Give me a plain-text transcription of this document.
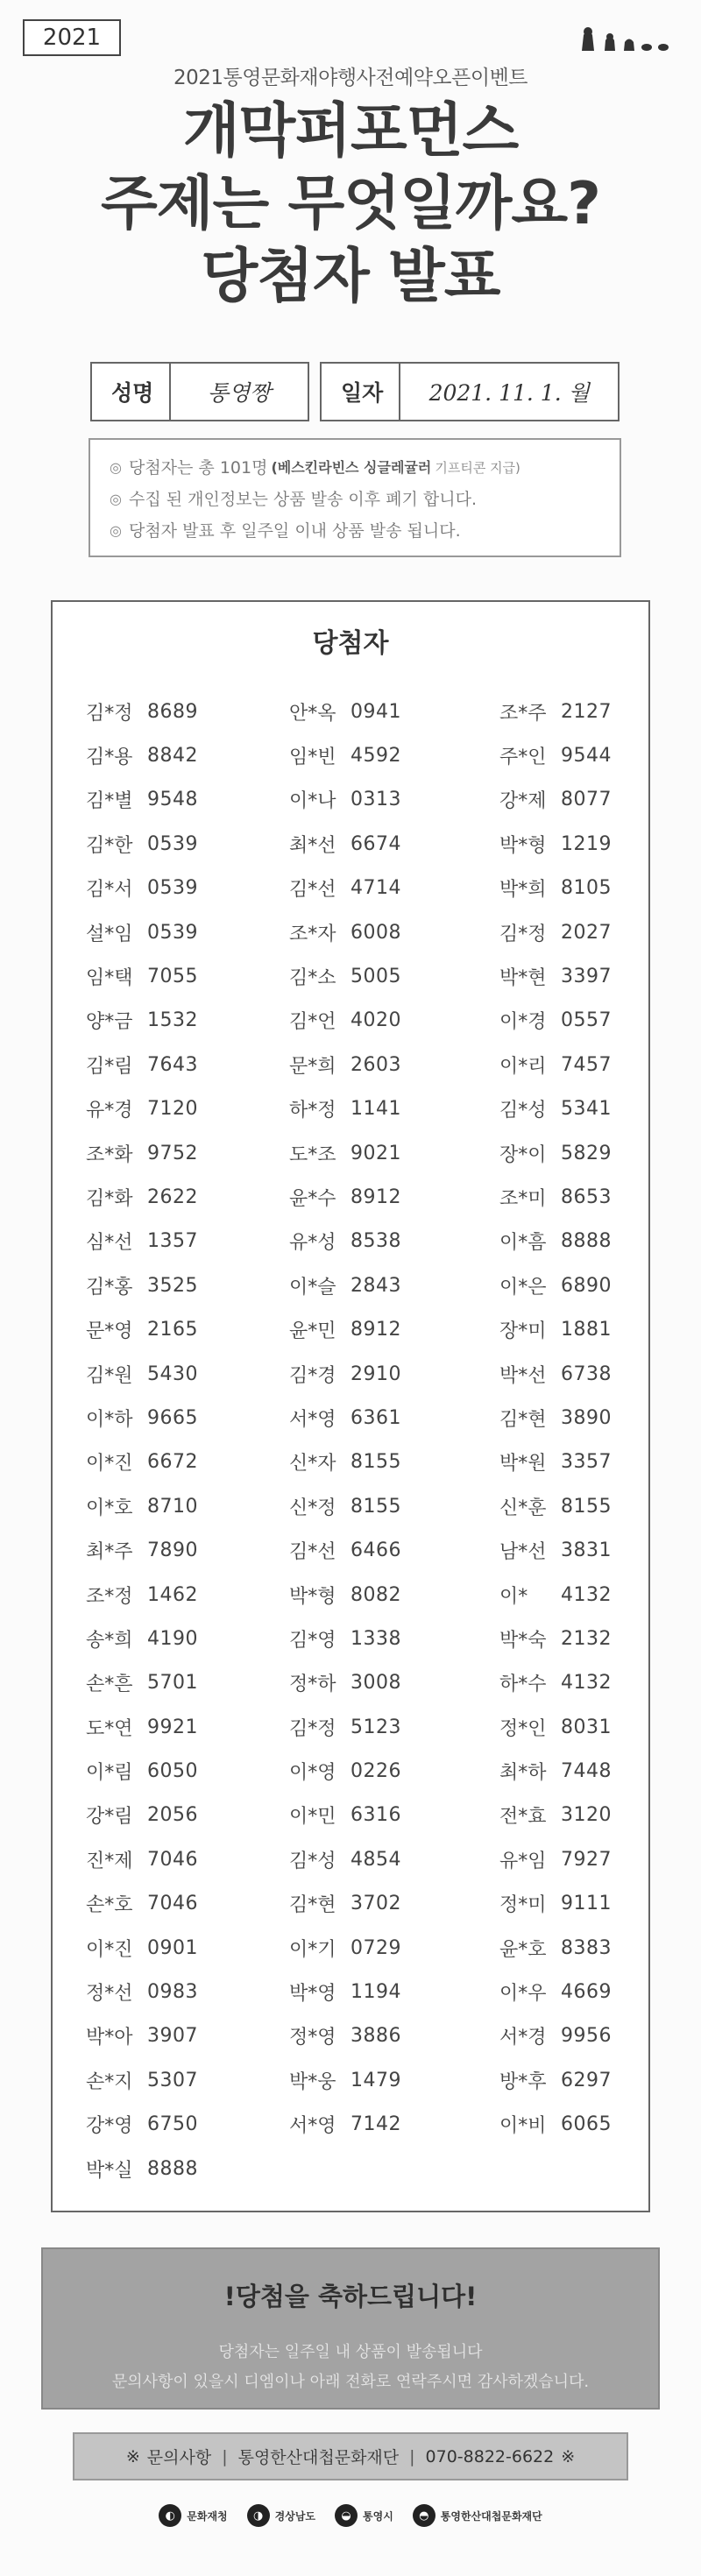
2021
2021통영문화재야행사전예약오픈이벤트
개막퍼포먼스
주제는 무엇일까요?
당첨자 발표
성명	통영짱	일자	2021. 11. 1. 월
◎ 당첨자는 총 101명 (베스킨라빈스 싱글레귤러 기프티콘 지급)
◎ 수집 된 개인정보는 상품 발송 이후 폐기 합니다.
◎ 당첨자 발표 후 일주일 이내 상품 발송 됩니다.
당첨자
김*정 8689	안*옥 0941	조*주 2127
김*용 8842	임*빈 4592	주*인 9544
김*별 9548	이*나 0313	강*제 8077
김*한 0539	최*선 6674	박*형 1219
김*서 0539	김*선 4714	박*희 8105
설*임 0539	조*자 6008	김*정 2027
임*택 7055	김*소 5005	박*현 3397
양*금 1532	김*언 4020	이*경 0557
김*림 7643	문*희 2603	이*리 7457
유*경 7120	하*정 1141	김*성 5341
조*화 9752	도*조 9021	장*이 5829
김*화 2622	윤*수 8912	조*미 8653
심*선 1357	유*성 8538	이*흠 8888
김*홍 3525	이*슬 2843	이*은 6890
문*영 2165	윤*민 8912	장*미 1881
김*원 5430	김*경 2910	박*선 6738
이*하 9665	서*영 6361	김*현 3890
이*진 6672	신*자 8155	박*원 3357
이*호 8710	신*정 8155	신*훈 8155
최*주 7890	김*선 6466	남*선 3831
조*정 1462	박*형 8082	이*	4132
송*희 4190	김*영 1338	박*숙 2132
손*흔 5701	정*하 3008	하*수 4132
도*연 9921	김*정 5123	정*인 8031
이*림 6050	이*영 0226	최*하 7448
강*림 2056	이*민 6316	전*효 3120
진*제 7046	김*성 4854	유*임 7927
손*호 7046	김*현 3702	정*미 9111
이*진 0901	이*기 0729	윤*호 8383
정*선 0983	박*영 1194	이*우 4669
박*아 3907	정*영 3886	서*경 9956
손*지 5307	박*웅 1479	방*후 6297
강*영 6750	서*영 7142	이*비 6065
박*실 8888
!당첨을 축하드립니다!
당첨자는 일주일 내 상품이 발송됩니다
문의사항이 있을시 디엠이나 아래 전화로 연락주시면 감사하겠습니다.
※ 문의사항 | 통영한산대첩문화재단 | 070-8822-6622 ※
◐	문화재청	◑	경상남도	◒	통영시	◓	통영한산대첩문화재단
